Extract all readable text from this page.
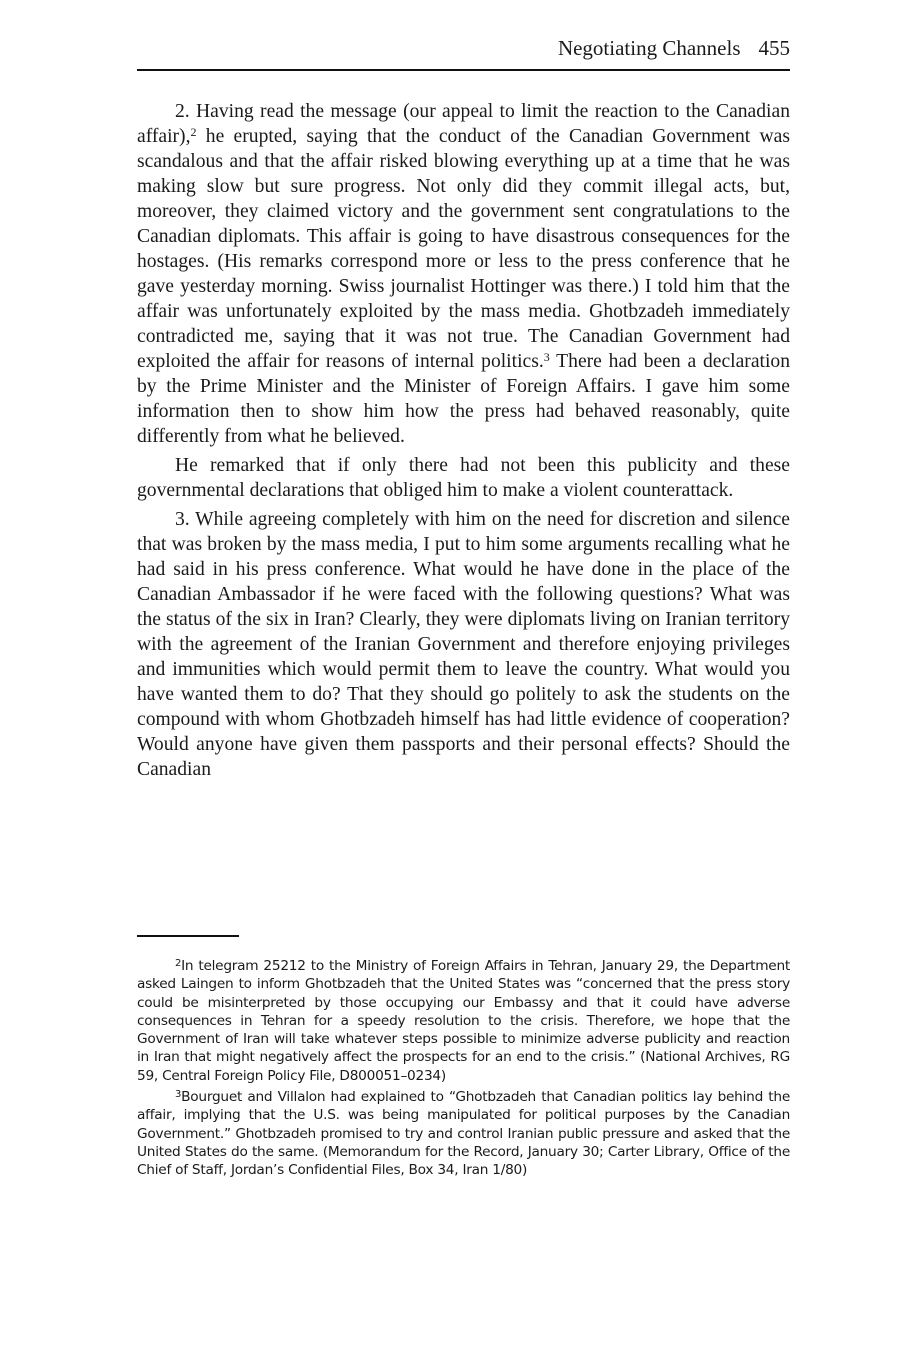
Negotiating Channels 455

2. Having read the message (our appeal to limit the reaction to the Canadian affair),$^2$ he erupted, saying that the conduct of the Canadian Government was scandalous and that the affair risked blowing everything up at a time that he was making slow but sure progress. Not only did they commit illegal acts, but, moreover, they claimed victory and the government sent congratulations to the Canadian diplomats. This affair is going to have disastrous consequences for the hostages. (His remarks correspond more or less to the press conference that he gave yesterday morning. Swiss journalist Hottinger was there.) I told him that the affair was unfortunately exploited by the mass media. Ghotbzadeh immediately contradicted me, saying that it was not true. The Canadian Government had exploited the affair for reasons of internal politics.$^3$ There had been a declaration by the Prime Minister and the Minister of Foreign Affairs. I gave him some information then to show him how the press had behaved reasonably, quite differently from what he believed.

He remarked that if only there had not been this publicity and these governmental declarations that obliged him to make a violent counterattack.

3. While agreeing completely with him on the need for discretion and silence that was broken by the mass media, I put to him some arguments recalling what he had said in his press conference. What would he have done in the place of the Canadian Ambassador if he were faced with the following questions? What was the status of the six in Iran? Clearly, they were diplomats living on Iranian territory with the agreement of the Iranian Government and therefore enjoying privileges and immunities which would permit them to leave the country. What would you have wanted them to do? That they should go politely to ask the students on the compound with whom Ghotbzadeh himself has had little evidence of cooperation? Would anyone have given them passports and their personal effects? Should the Canadian

$^2$In telegram 25212 to the Ministry of Foreign Affairs in Tehran, January 29, the Department asked Laingen to inform Ghotbzadeh that the United States was “concerned that the press story could be misinterpreted by those occupying our Embassy and that it could have adverse consequences in Tehran for a speedy resolution to the crisis. Therefore, we hope that the Government of Iran will take whatever steps possible to minimize adverse publicity and reaction in Iran that might negatively affect the prospects for an end to the crisis.” (National Archives, RG 59, Central Foreign Policy File, D800051–0234)

$^3$Bourguet and Villalon had explained to “Ghotbzadeh that Canadian politics lay behind the affair, implying that the U.S. was being manipulated for political purposes by the Canadian Government.” Ghotbzadeh promised to try and control Iranian public pressure and asked that the United States do the same. (Memorandum for the Record, January 30; Carter Library, Office of the Chief of Staff, Jordan’s Confidential Files, Box 34, Iran 1/80)
